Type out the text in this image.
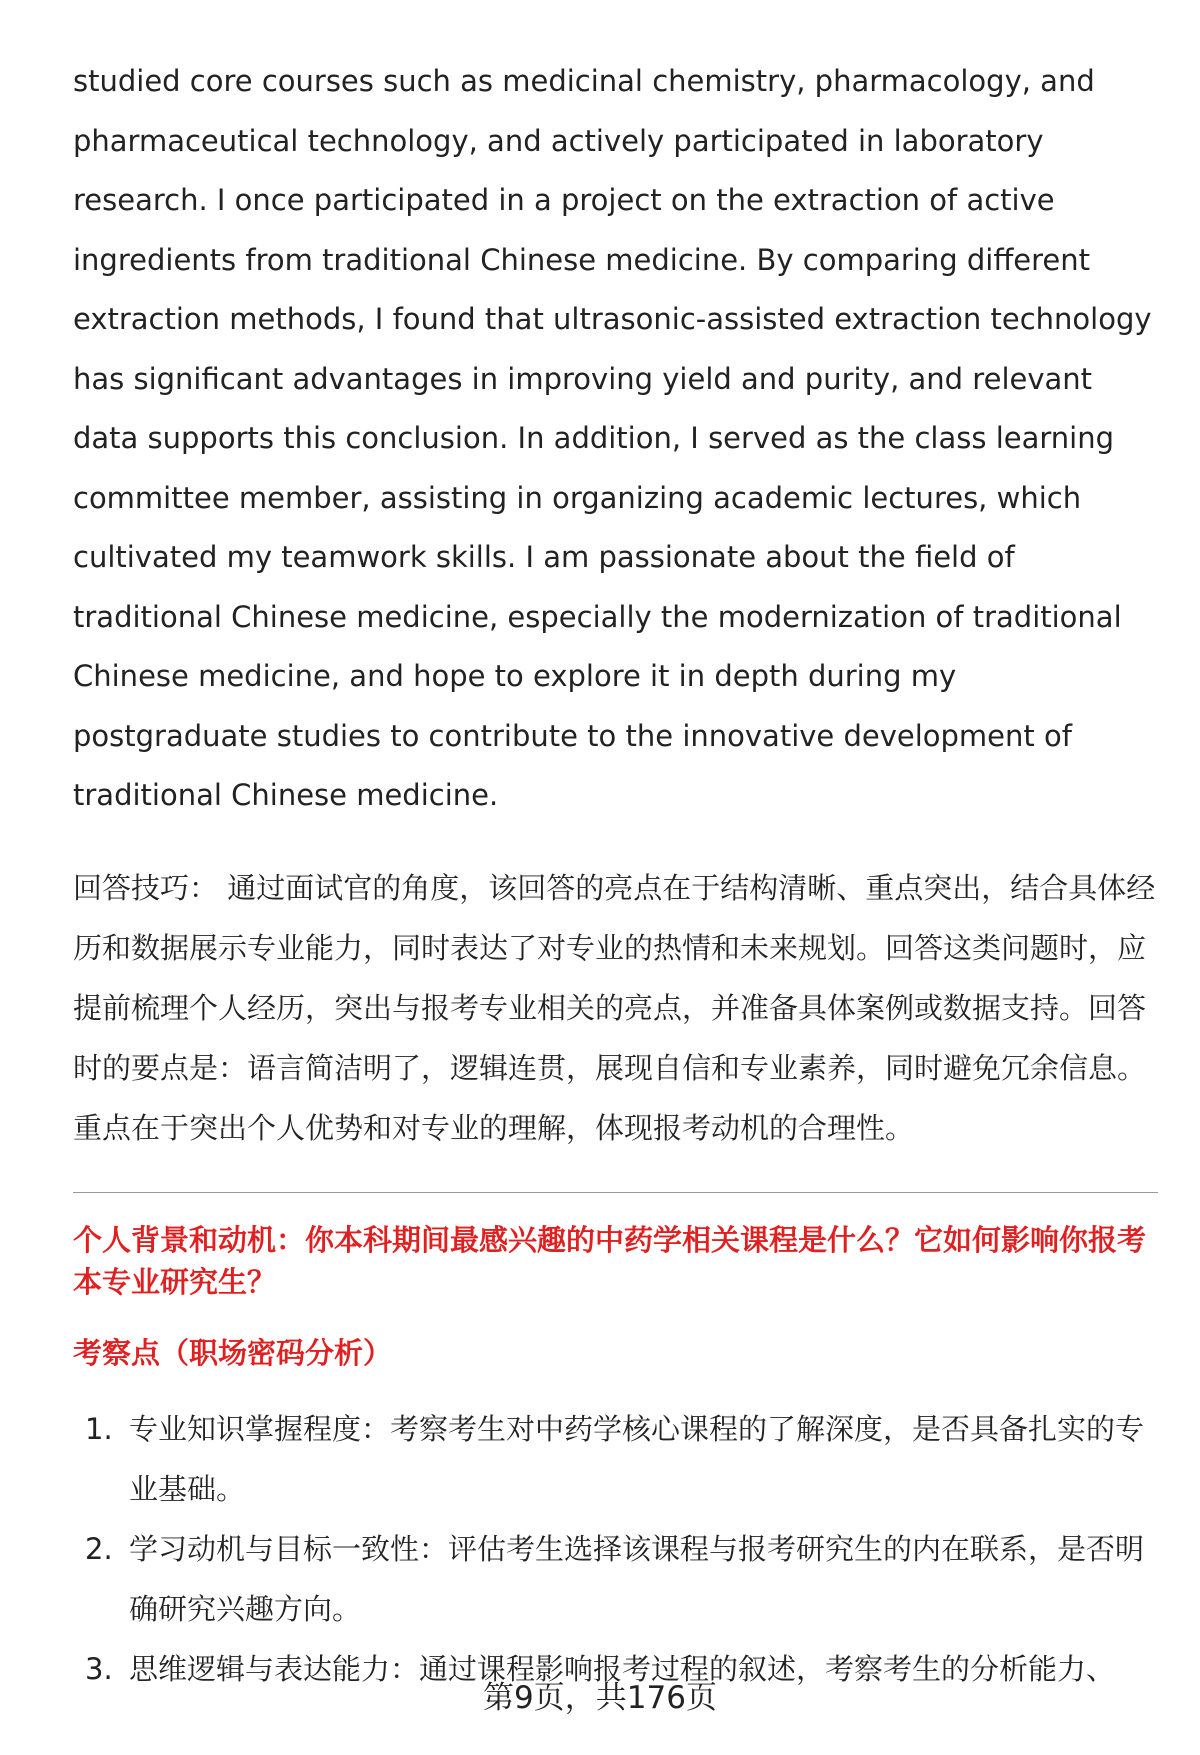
studied core courses such as medicinal chemistry, pharmacology, and pharmaceutical technology, and actively participated in laboratory research. I once participated in a project on the extraction of active ingredients from traditional Chinese medicine. By comparing different extraction methods, I found that ultrasonic-assisted extraction technology has significant advantages in improving yield and purity, and relevant data supports this conclusion. In addition, I served as the class learning committee member, assisting in organizing academic lectures, which cultivated my teamwork skills. I am passionate about the field of traditional Chinese medicine, especially the modernization of traditional Chinese medicine, and hope to explore it in depth during my postgraduate studies to contribute to the innovative development of traditional Chinese medicine.

回答技巧： 通过面试官的角度，该回答的亮点在于结构清晰、重点突出，结合具体经历和数据展示专业能力，同时表达了对专业的热情和未来规划。回答这类问题时，应提前梳理个人经历，突出与报考专业相关的亮点，并准备具体案例或数据支持。回答时的要点是：语言简洁明了，逻辑连贯，展现自信和专业素养，同时避免冗余信息。重点在于突出个人优势和对专业的理解，体现报考动机的合理性。

个人背景和动机：你本科期间最感兴趣的中药学相关课程是什么？它如何影响你报考本专业研究生？

考察点（职场密码分析）

1. 专业知识掌握程度：考察考生对中药学核心课程的了解深度，是否具备扎实的专业基础。
2. 学习动机与目标一致性：评估考生选择该课程与报考研究生的内在联系，是否明确研究兴趣方向。
3. 思维逻辑与表达能力：通过课程影响报考过程的叙述，考察考生的分析能力、
第9页，共176页
